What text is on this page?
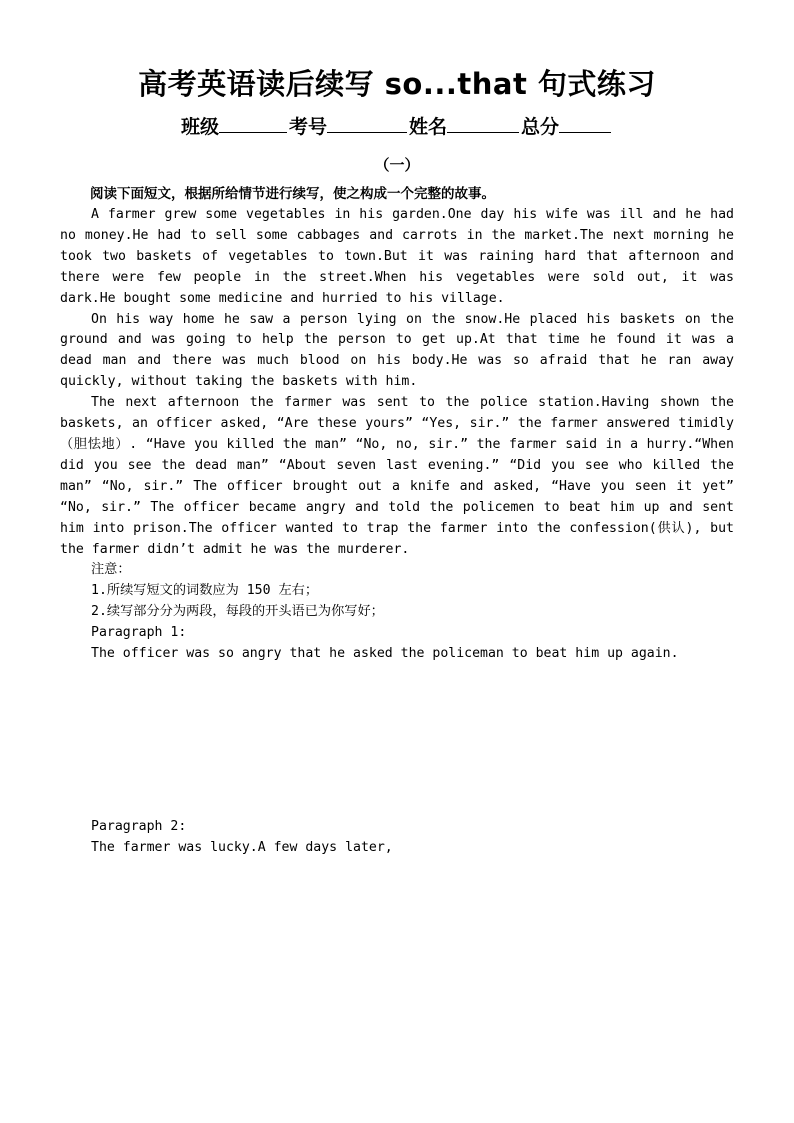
高考英语读后续写 so...that 句式练习
班级	考号	姓名	总分
（一）

阅读下面短文，根据所给情节进行续写，使之构成一个完整的故事。

A farmer grew some vegetables in his garden.One day his wife was ill and he had no money.He had to sell some cabbages and carrots in the market.The next morning he took two baskets of vegetables to town.But it was raining hard that afternoon and there were few people in the street.When his vegetables were sold out, it was dark.He bought some medicine and hurried to his village.

On his way home he saw a person lying on the snow.He placed his baskets on the ground and was going to help the person to get up.At that time he found it was a dead man and there was much blood on his body.He was so afraid that he ran away quickly, without taking the baskets with him.

The next afternoon the farmer was sent to the police station.Having shown the baskets, an officer asked, “Are these yours” “Yes, sir.” the farmer answered timidly（胆怯地）. “Have you killed the man” “No, no, sir.” the farmer said in a hurry.“When did you see the dead man” “About seven last evening.” “Did you see who killed the man” “No, sir.” The officer brought out a knife and asked, “Have you seen it yet” “No, sir.” The officer became angry and told the policemen to beat him up and sent him into prison.The officer wanted to trap the farmer into the confession(供认), but the farmer didn’t admit he was the murderer.

注意：

1.所续写短文的词数应为 150 左右；

2.续写部分分为两段，每段的开头语已为你写好；

Paragraph 1:

The officer was so angry that he asked the policeman to beat him up again.

Paragraph 2:

The farmer was lucky.A few days later,
